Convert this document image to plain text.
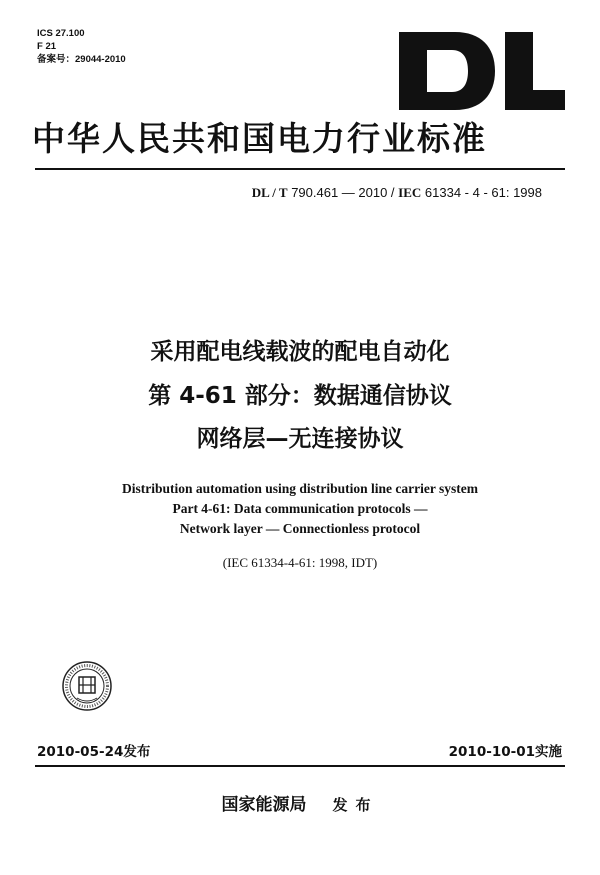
ICS 27.100
F 21
备案号：29044-2010
中华人民共和国电力行业标准
DL / T 790.461 — 2010 / IEC 61334 - 4 - 61: 1998
采用配电线载波的配电自动化
第 4-61 部分：数据通信协议
网络层—无连接协议
Distribution automation using distribution line carrier system
Part 4-61: Data communication protocols —
Network layer — Connectionless protocol
(IEC 61334-4-61: 1998, IDT)
2010-05-24发布	2010-10-01实施
国家能源局 发布
